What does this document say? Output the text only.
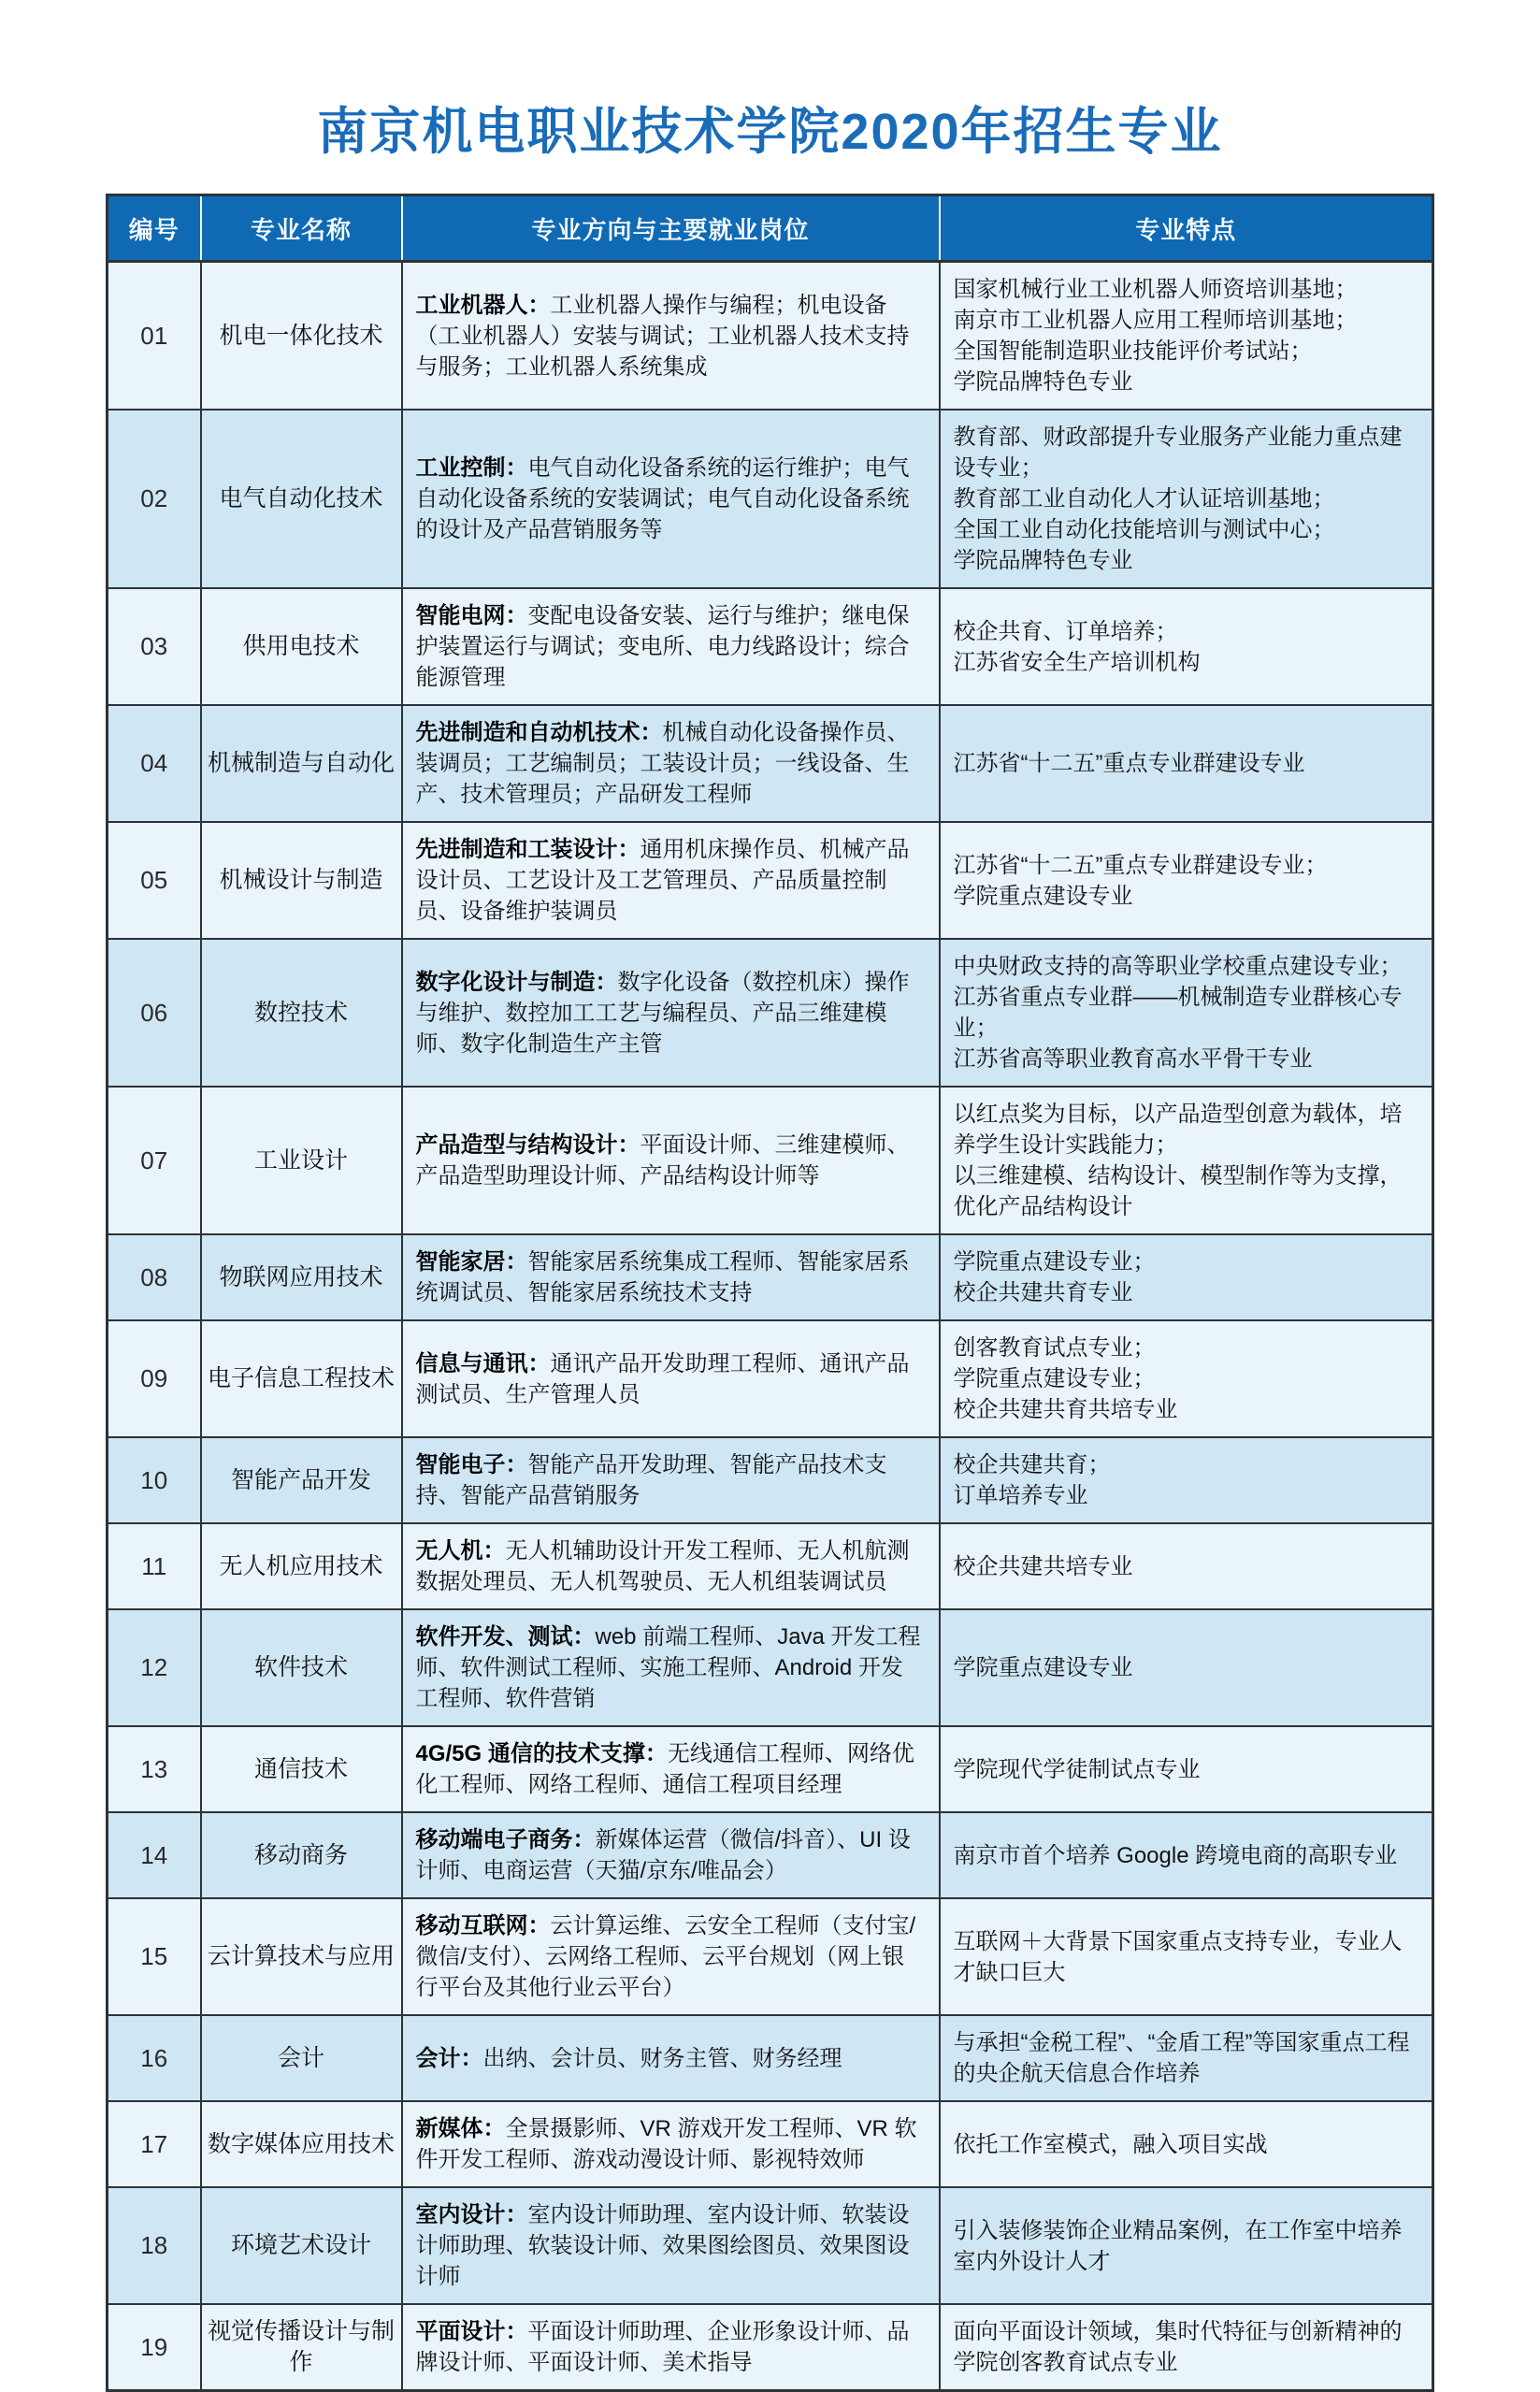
南京机电职业技术学院2020年招生专业
编号	专业名称	专业方向与主要就业岗位	专业特点
01	机电一体化技术	工业机器人：工业机器人操作与编程；机电设备（工业机器人）安装与调试；工业机器人技术支持与服务；工业机器人系统集成	国家机械行业工业机器人师资培训基地；
南京市工业机器人应用工程师培训基地；
全国智能制造职业技能评价考试站；
学院品牌特色专业

02	电气自动化技术	工业控制：电气自动化设备系统的运行维护；电气自动化设备系统的安装调试；电气自动化设备系统的设计及产品营销服务等	教育部、财政部提升专业服务产业能力重点建设专业；
教育部工业自动化人才认证培训基地；
全国工业自动化技能培训与测试中心；
学院品牌特色专业

03	供用电技术	智能电网：变配电设备安装、运行与维护；继电保护装置运行与调试；变电所、电力线路设计；综合能源管理	校企共育、订单培养；
江苏省安全生产培训机构

04	机械制造与自动化	先进制造和自动机技术：机械自动化设备操作员、装调员；工艺编制员；工装设计员；一线设备、生产、技术管理员；产品研发工程师	江苏省“十二五”重点专业群建设专业

05	机械设计与制造	先进制造和工装设计：通用机床操作员、机械产品设计员、工艺设计及工艺管理员、产品质量控制员、设备维护装调员	江苏省“十二五”重点专业群建设专业；
学院重点建设专业

06	数控技术	数字化设计与制造：数字化设备（数控机床）操作与维护、数控加工工艺与编程员、产品三维建模师、数字化制造生产主管	中央财政支持的高等职业学校重点建设专业；
江苏省重点专业群——机械制造专业群核心专业；
江苏省高等职业教育高水平骨干专业

07	工业设计	产品造型与结构设计：平面设计师、三维建模师、产品造型助理设计师、产品结构设计师等	以红点奖为目标，以产品造型创意为载体，培养学生设计实践能力；
以三维建模、结构设计、模型制作等为支撑，优化产品结构设计

08	物联网应用技术	智能家居：智能家居系统集成工程师、智能家居系统调试员、智能家居系统技术支持	学院重点建设专业；
校企共建共育专业

09	电子信息工程技术	信息与通讯：通讯产品开发助理工程师、通讯产品测试员、生产管理人员	创客教育试点专业；
学院重点建设专业；
校企共建共育共培专业

10	智能产品开发	智能电子：智能产品开发助理、智能产品技术支持、智能产品营销服务	校企共建共育；
订单培养专业

11	无人机应用技术	无人机：无人机辅助设计开发工程师、无人机航测数据处理员、无人机驾驶员、无人机组装调试员	校企共建共培专业

12	软件技术	软件开发、测试：web 前端工程师、Java 开发工程师、软件测试工程师、实施工程师、Android 开发工程师、软件营销	学院重点建设专业

13	通信技术	4G/5G 通信的技术支撑：无线通信工程师、网络优化工程师、网络工程师、通信工程项目经理	学院现代学徒制试点专业

14	移动商务	移动端电子商务：新媒体运营（微信/抖音）、UI 设计师、电商运营（天猫/京东/唯品会）	南京市首个培养 Google 跨境电商的高职专业

15	云计算技术与应用	移动互联网：云计算运维、云安全工程师（支付宝/微信/支付）、云网络工程师、云平台规划（网上银行平台及其他行业云平台）	互联网＋大背景下国家重点支持专业，专业人才缺口巨大

16	会计	会计：出纳、会计员、财务主管、财务经理	与承担“金税工程”、“金盾工程”等国家重点工程的央企航天信息合作培养

17	数字媒体应用技术	新媒体：全景摄影师、VR 游戏开发工程师、VR 软件开发工程师、游戏动漫设计师、影视特效师	依托工作室模式，融入项目实战

18	环境艺术设计	室内设计：室内设计师助理、室内设计师、软装设计师助理、软装设计师、效果图绘图员、效果图设计师	引入装修装饰企业精品案例，在工作室中培养室内外设计人才

19	视觉传播设计与制作	平面设计：平面设计师助理、企业形象设计师、品牌设计师、平面设计师、美术指导	面向平面设计领域，集时代特征与创新精神的学院创客教育试点专业
